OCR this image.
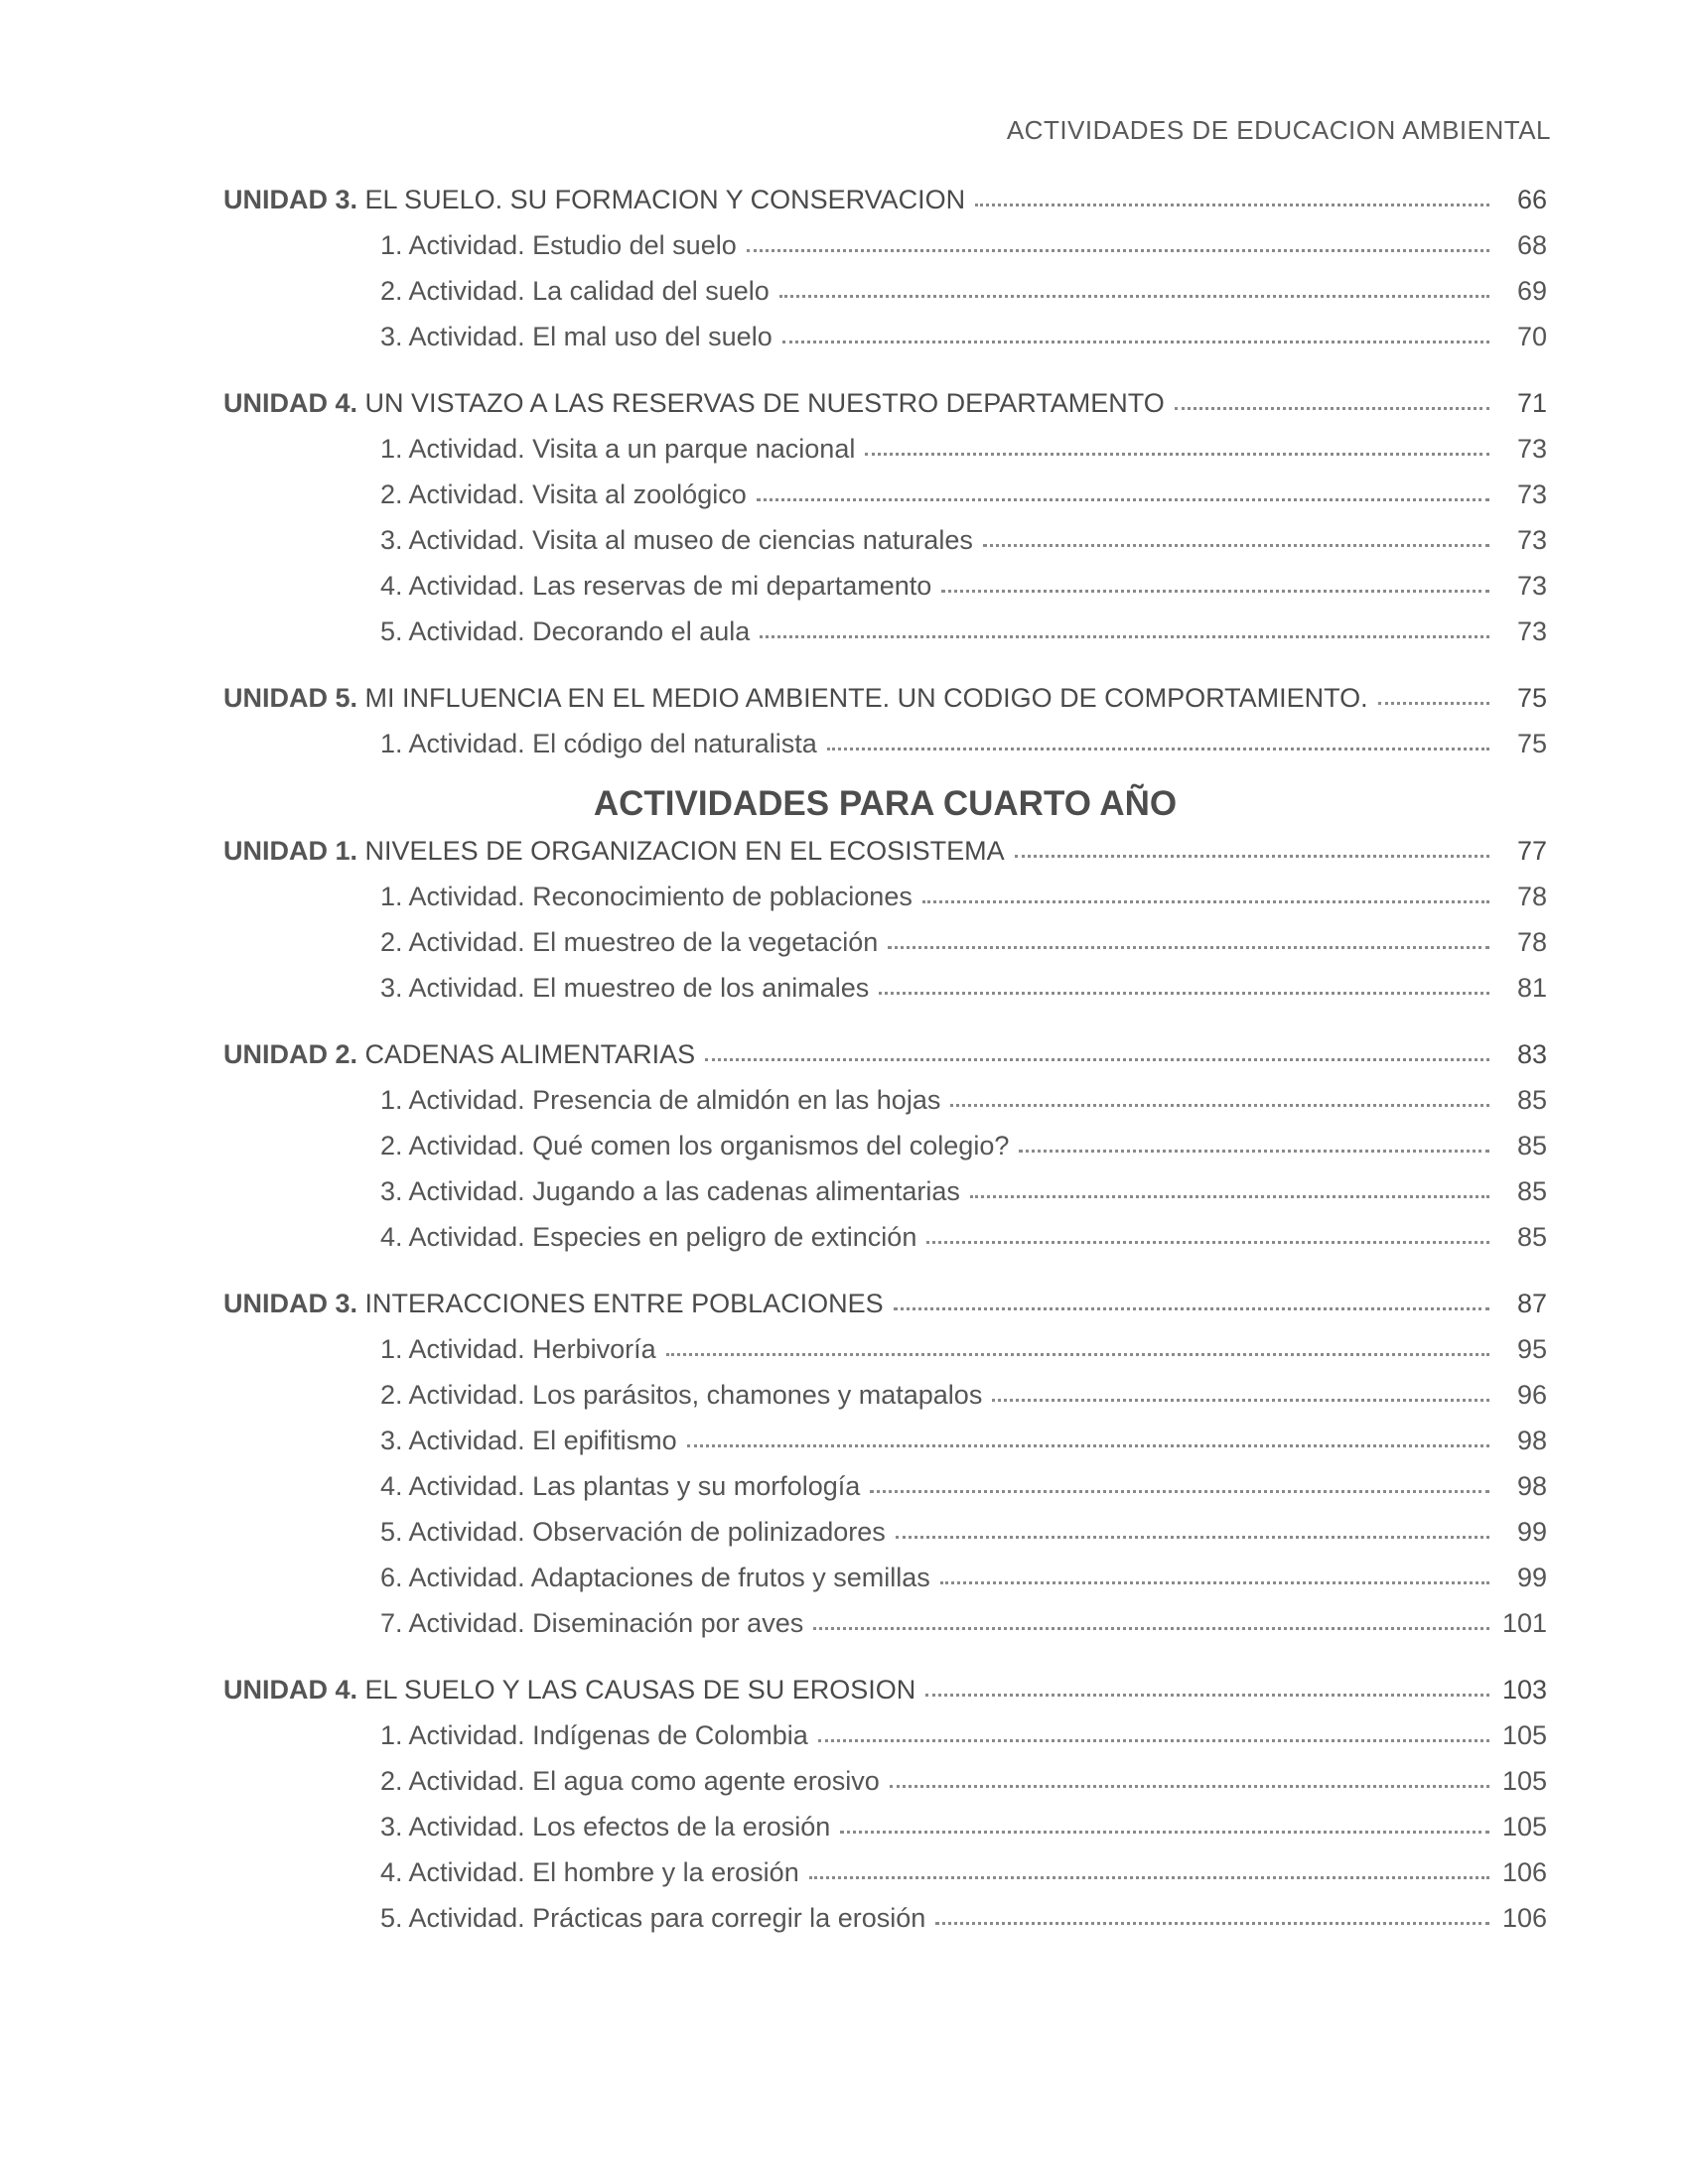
ACTIVIDADES DE EDUCACION AMBIENTAL
UNIDAD 3. EL SUELO. SU FORMACION Y CONSERVACION	66
1. Actividad. Estudio del suelo	68
2. Actividad. La calidad del suelo	69
3. Actividad. El mal uso del suelo	70
UNIDAD 4. UN VISTAZO A LAS RESERVAS DE NUESTRO DEPARTAMENTO	71
1. Actividad. Visita a un parque nacional	73
2. Actividad. Visita al zoológico	73
3. Actividad. Visita al museo de ciencias naturales	73
4. Actividad. Las reservas de mi departamento	73
5. Actividad. Decorando el aula	73
UNIDAD 5. MI INFLUENCIA EN EL MEDIO AMBIENTE. UN CODIGO DE COMPORTAMIENTO.	75
1. Actividad. El código del naturalista	75
ACTIVIDADES PARA CUARTO AÑO
UNIDAD 1. NIVELES DE ORGANIZACION EN EL ECOSISTEMA	77
1. Actividad. Reconocimiento de poblaciones	78
2. Actividad. El muestreo de la vegetación	78
3. Actividad. El muestreo de los animales	81
UNIDAD 2. CADENAS ALIMENTARIAS	83
1. Actividad. Presencia de almidón en las hojas	85
2. Actividad. Qué comen los organismos del colegio?	85
3. Actividad. Jugando a las cadenas alimentarias	85
4. Actividad. Especies en peligro de extinción	85
UNIDAD 3. INTERACCIONES ENTRE POBLACIONES	87
1. Actividad. Herbivoría	95
2. Actividad. Los parásitos, chamones y matapalos	96
3. Actividad. El epifitismo	98
4. Actividad. Las plantas y su morfología	98
5. Actividad. Observación de polinizadores	99
6. Actividad. Adaptaciones de frutos y semillas	99
7. Actividad. Diseminación por aves	101
UNIDAD 4. EL SUELO Y LAS CAUSAS DE SU EROSION	103
1. Actividad. Indígenas de Colombia	105
2. Actividad. El agua como agente erosivo	105
3. Actividad. Los efectos de la erosión	105
4. Actividad. El hombre y la erosión	106
5. Actividad. Prácticas para corregir la erosión	106
